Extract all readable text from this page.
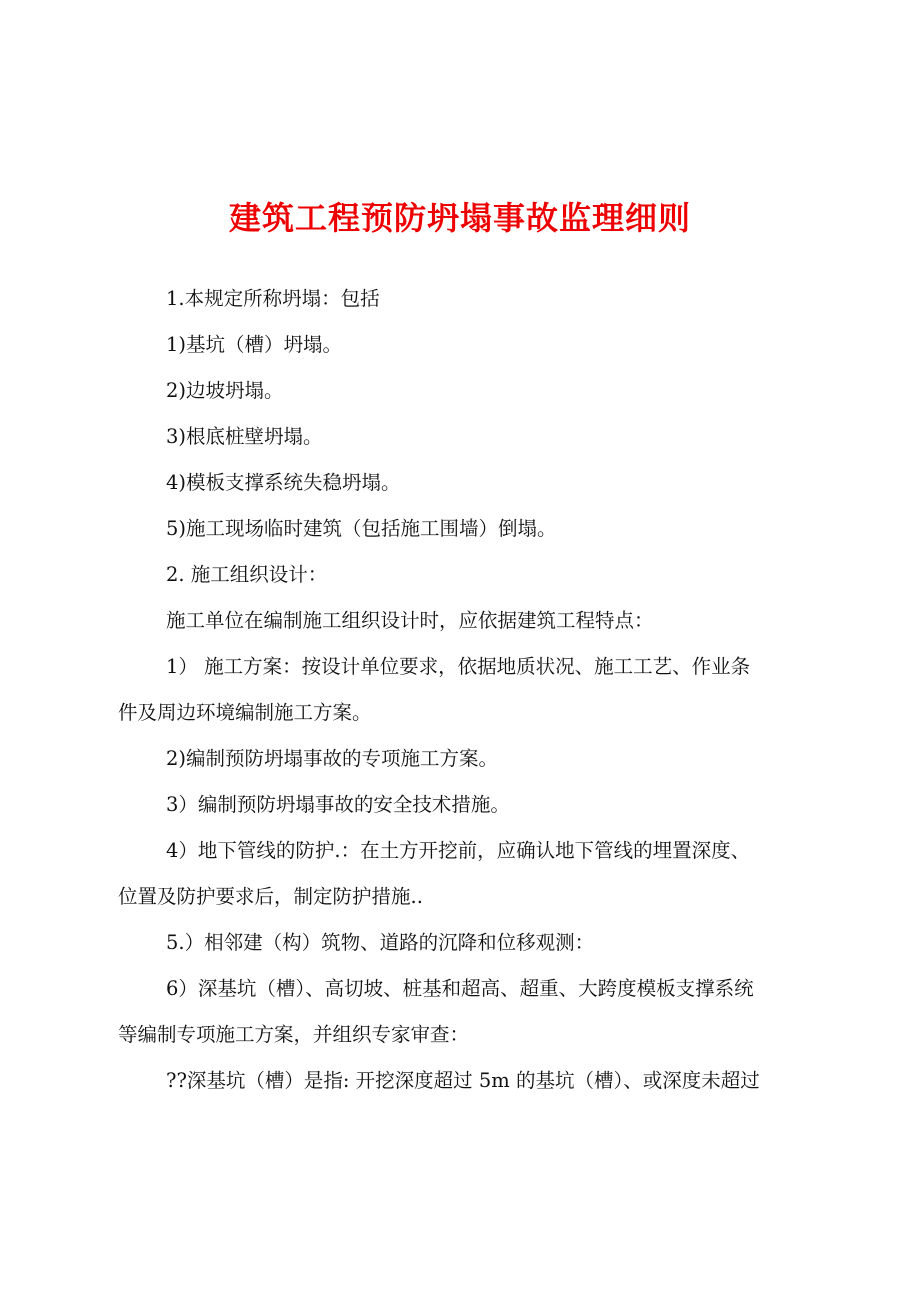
建筑工程预防坍塌事故监理细则
1.本规定所称坍塌：包括
1)基坑（槽）坍塌。
2)边坡坍塌。
3)根底桩壁坍塌。
4)模板支撑系统失稳坍塌。
5)施工现场临时建筑（包括施工围墙）倒塌。
2. 施工组织设计：
施工单位在编制施工组织设计时，应依据建筑工程特点：
1） 施工方案：按设计单位要求，依据地质状况、施工工艺、作业条
件及周边环境编制施工方案。
2)编制预防坍塌事故的专项施工方案。
3）编制预防坍塌事故的安全技术措施。
4）地下管线的防护.：在土方开挖前，应确认地下管线的埋置深度、
位置及防护要求后，制定防护措施..
5.）相邻建（构）筑物、道路的沉降和位移观测：
6）深基坑（槽）、高切坡、桩基和超高、超重、大跨度模板支撑系统
等编制专项施工方案，并组织专家审查：
??深基坑（槽）是指: 开挖深度超过 5m 的基坑（槽）、或深度未超过
